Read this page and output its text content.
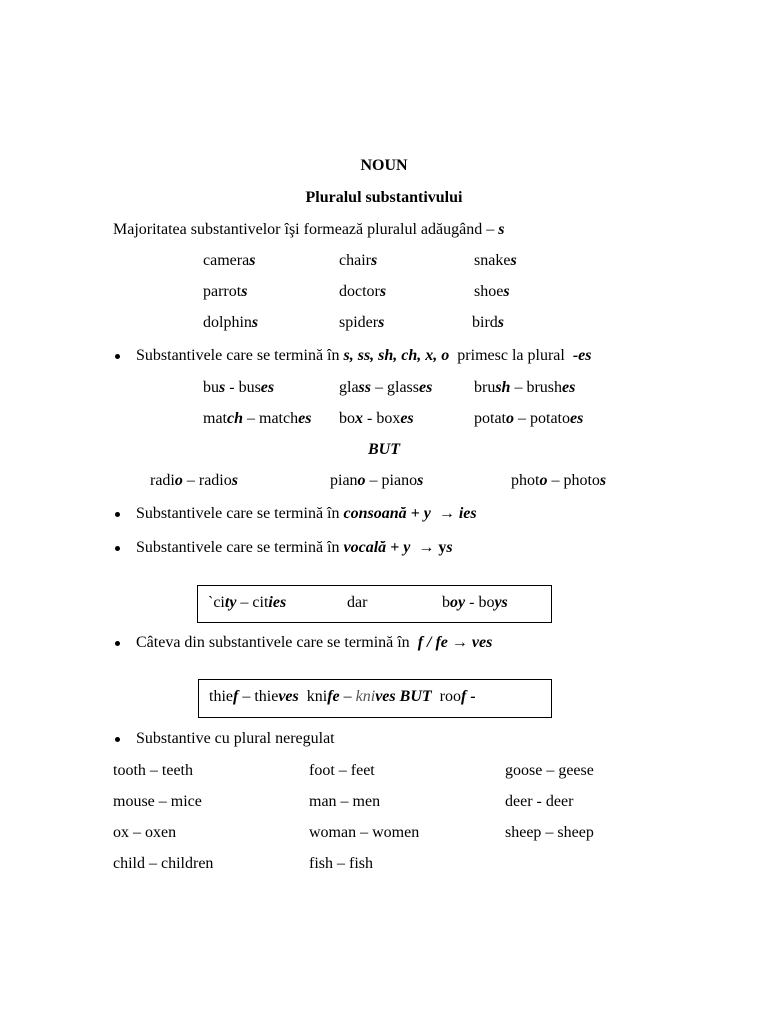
NOUN
Pluralul substantivului
Majoritatea substantivelor îşi formează pluralul adăugând – s
cameras	chairs	snakes
parrots	doctors	shoes
dolphins	spiders	birds
Substantivele care se termină în s, ss, sh, ch, x, o  primesc la plural  -es
bus - buses	glass – glasses	brush – brushes
match – matches box - boxes	potato – potatoes
BUT
radio – radios	piano – pianos	photo – photos
Substantivele care se termină în consoană + y  → ies
Substantivele care se termină în vocală + y  → ys
`city – cities	dar	boy - boys
Câteva din substantivele care se termină în  f / fe → ves
thief – thieves  knife – knives BUT  roof -
Substantive cu plural neregulat
tooth – teeth	foot – feet	goose – geese
mouse – mice	man – men	deer - deer
ox – oxen	woman – women	sheep – sheep
child – children	fish – fish
